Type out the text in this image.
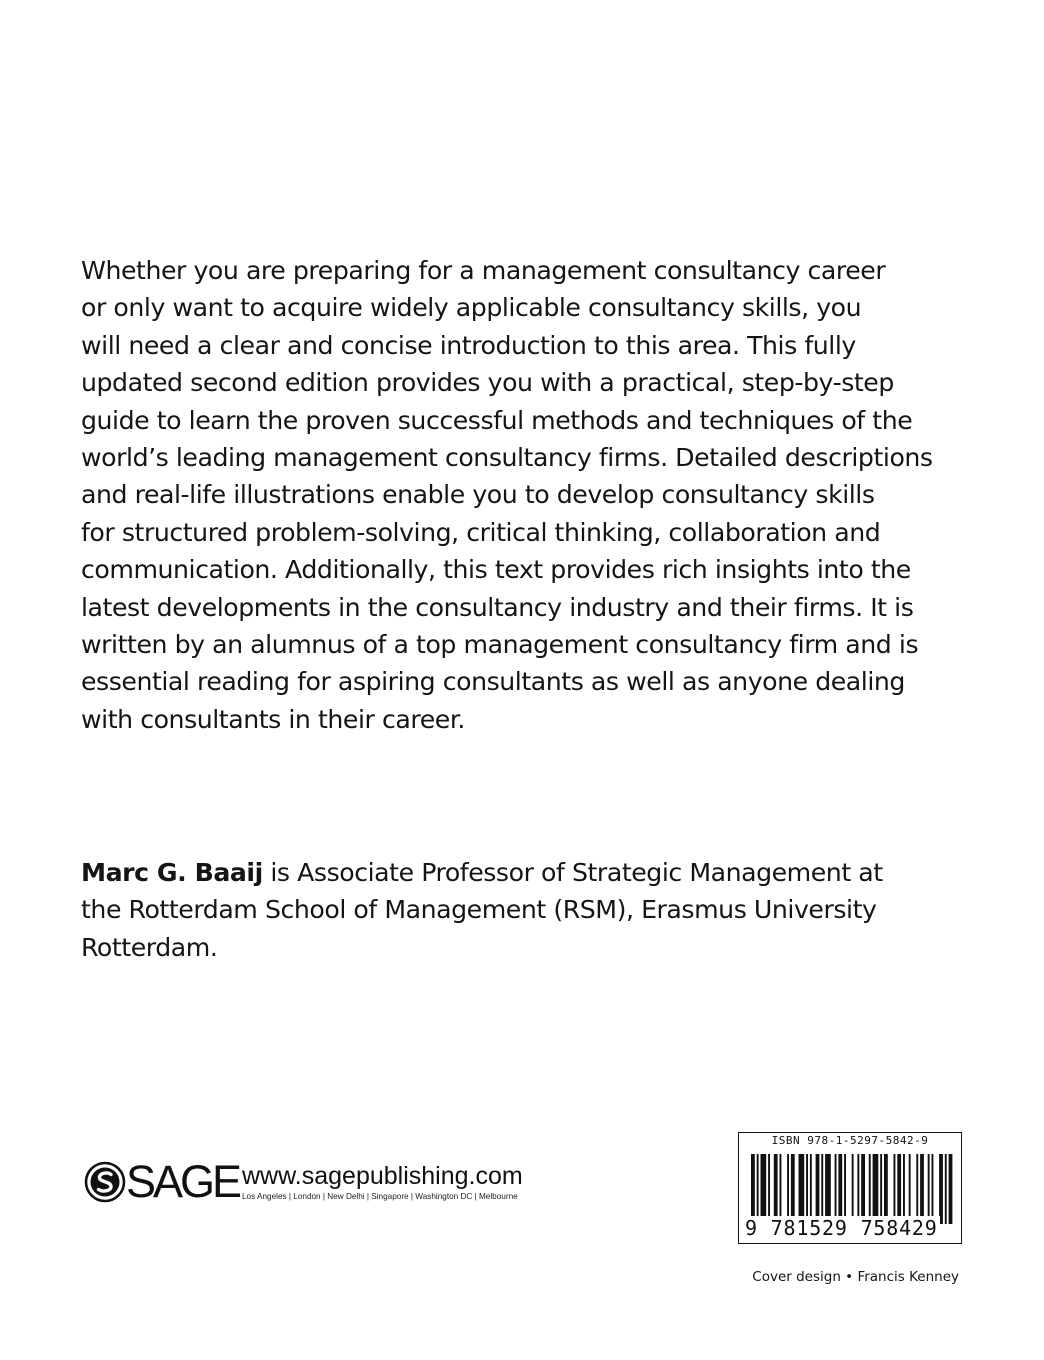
Whether you are preparing for a management consultancy career
or only want to acquire widely applicable consultancy skills, you
will need a clear and concise introduction to this area. This fully
updated second edition provides you with a practical, step-by-step
guide to learn the proven successful methods and techniques of the
world’s leading management consultancy firms. Detailed descriptions
and real-life illustrations enable you to develop consultancy skills
for structured problem-solving, critical thinking, collaboration and
communication. Additionally, this text provides rich insights into the
latest developments in the consultancy industry and their firms. It is
written by an alumnus of a top management consultancy firm and is
essential reading for aspiring consultants as well as anyone dealing
with consultants in their career.
Marc G. Baaij is Associate Professor of Strategic Management at
the Rotterdam School of Management (RSM), Erasmus University
Rotterdam.
SAGE www.sagepublishing.com
Los Angeles | London | New Delhi | Singapore | Washington DC | Melbourne
ISBN 978-1-5297-5842-9
9 781529 758429
Cover design • Francis Kenney
